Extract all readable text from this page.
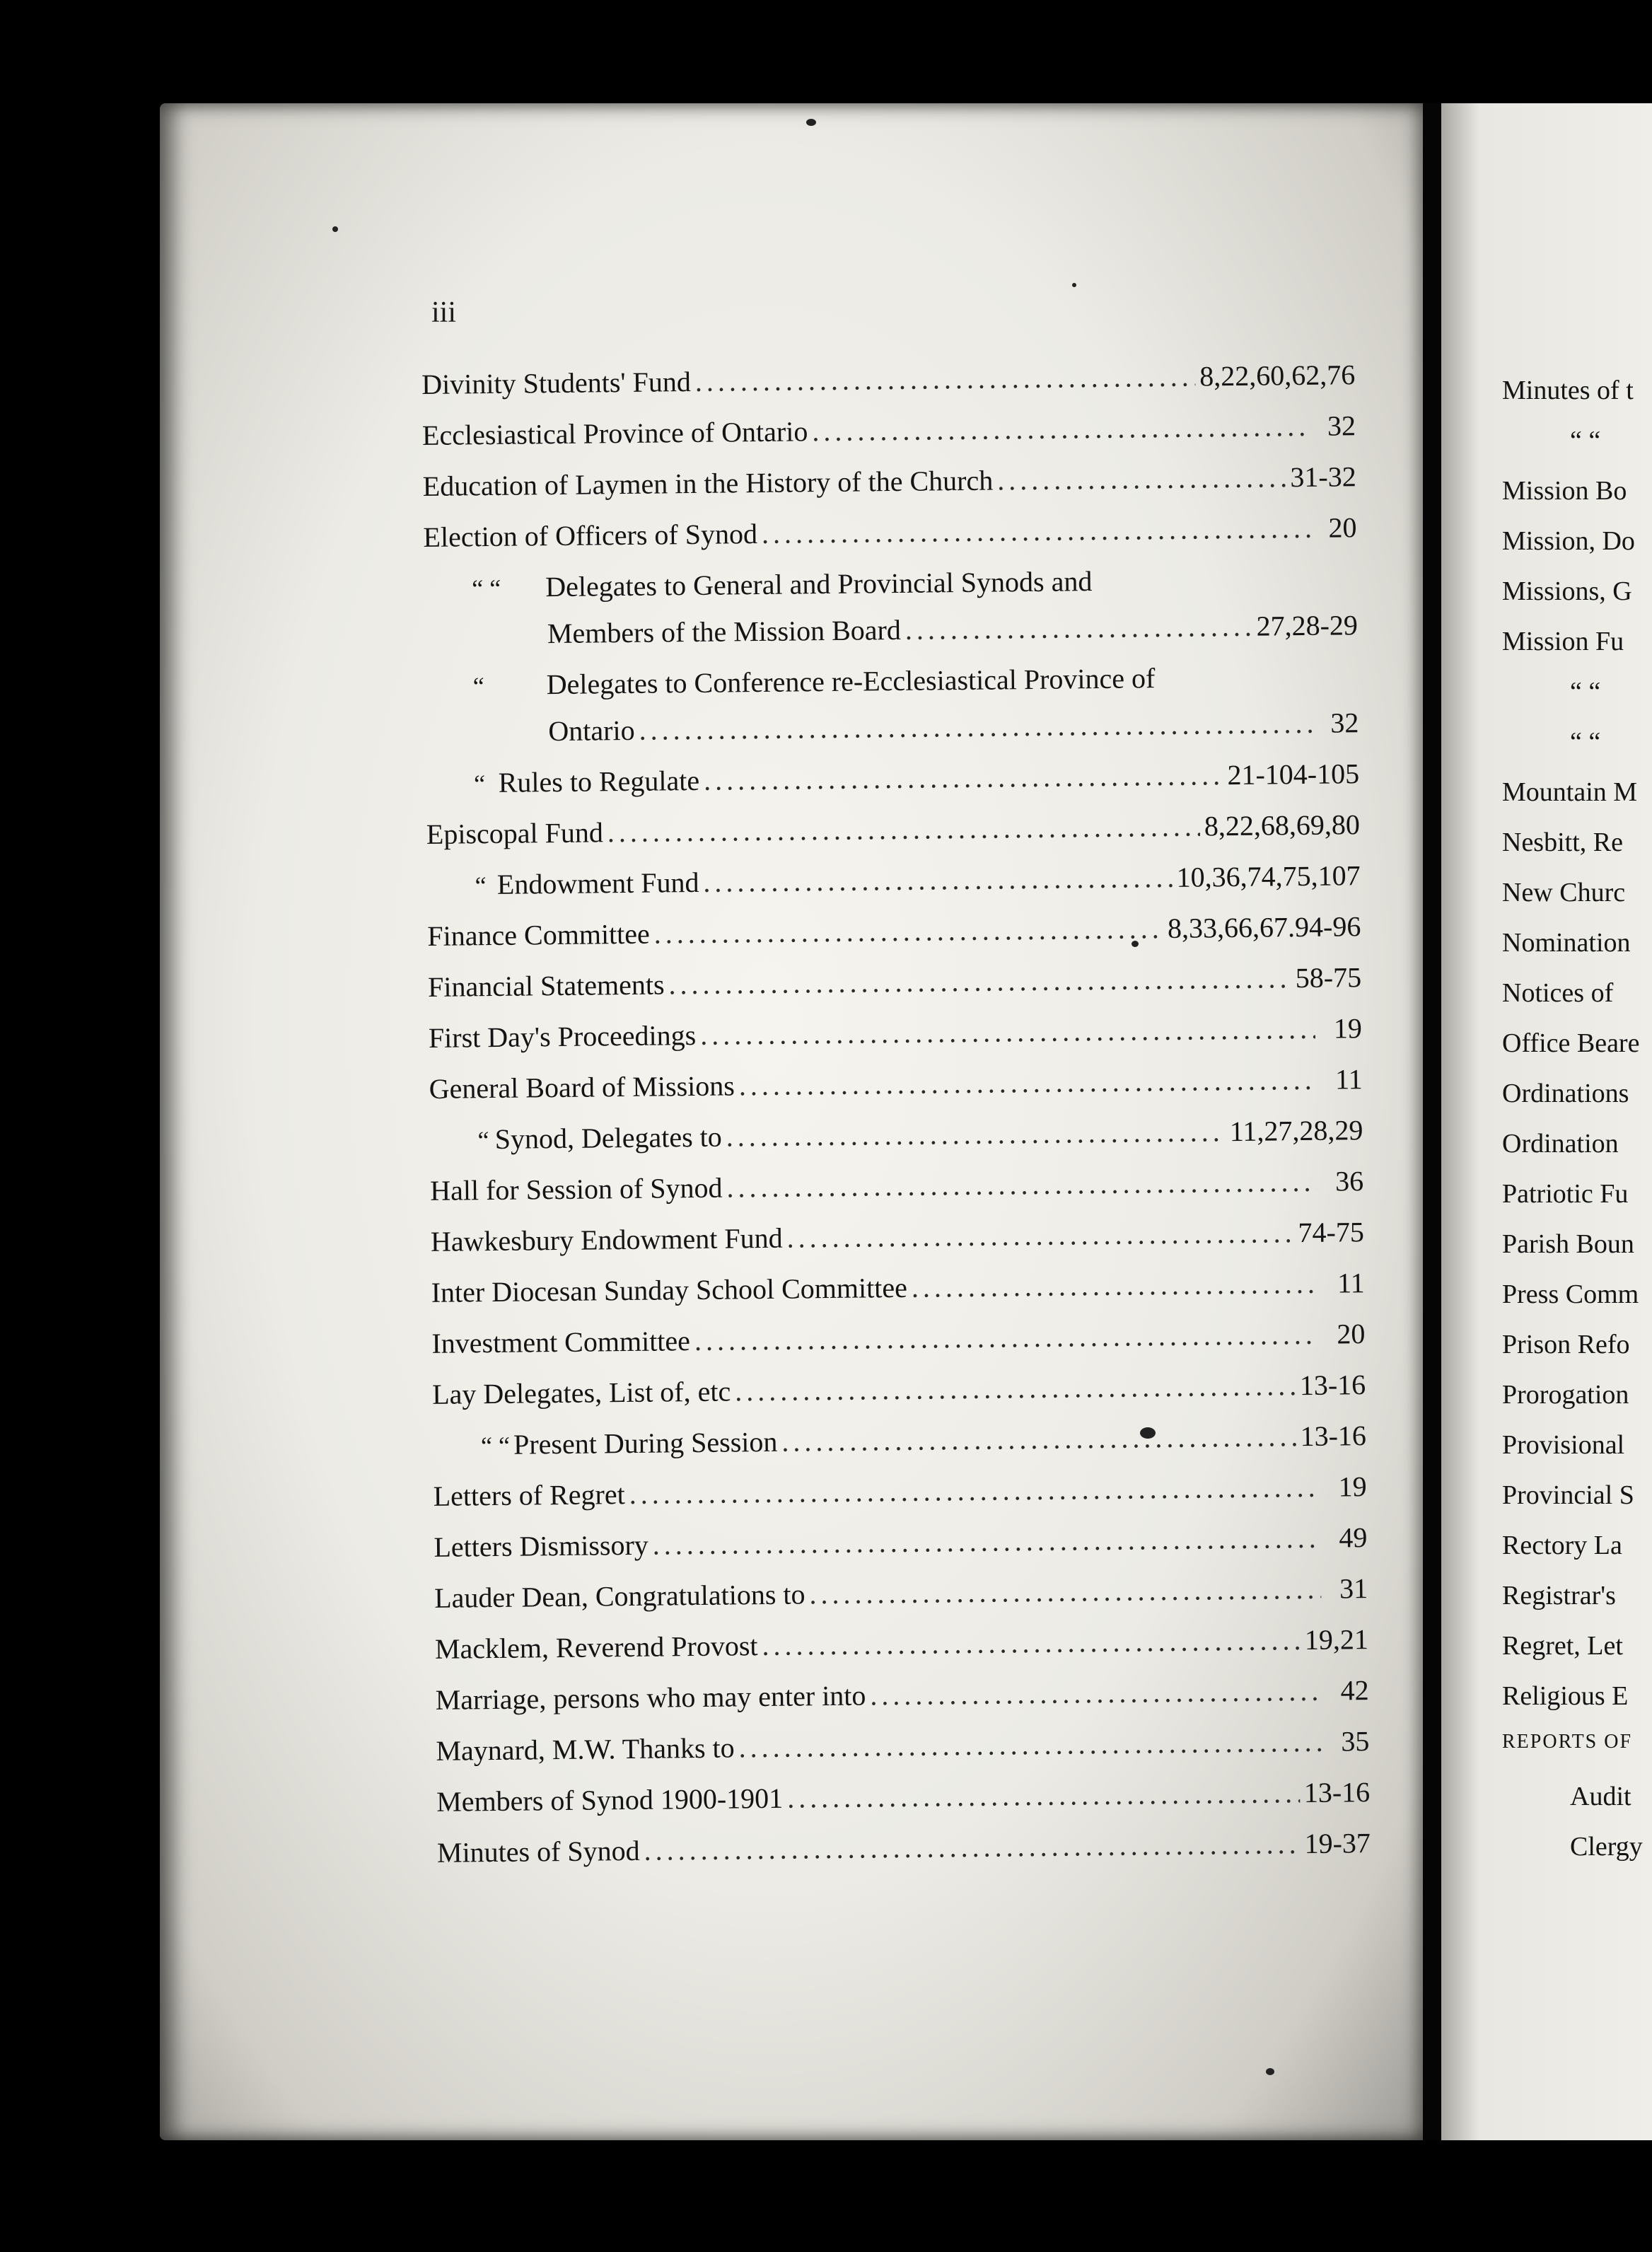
iii

Divinity Students' Fund .....	8,22,60,62,76
Ecclesiastical Province of Ontario .....	32
Education of Laymen in the History of the Church .....	31-32
Election of Officers of Synod .....	20
“ “	Delegates to General and Provincial Synods and
Members of the Mission Board .....	27,28-29
“	Delegates to Conference re-Ecclesiastical Province of
Ontario .....	32
“ Rules to Regulate .....	21-104-105
Episcopal Fund .....	8,22,68,69,80
“ Endowment Fund .....	10,36,74,75,107
Finance Committee .....	8,33,66,67.94-96
Financial Statements .....	58-75
First Day's Proceedings .....	19
General Board of Missions .....	11
“ Synod, Delegates to .....	11,27,28,29
Hall for Session of Synod .....	36
Hawkesbury Endowment Fund .....	74-75
Inter Diocesan Sunday School Committee .....	11
Investment Committee .....	20
Lay Delegates, List of, etc .....	13-16
“ “ Present During Session .....	13-16
Letters of Regret .....	19
Letters Dismissory .....	49
Lauder Dean, Congratulations to .....	31
Macklem, Reverend Provost .....	19,21
Marriage, persons who may enter into .....	42
Maynard, M.W. Thanks to .....	35
Members of Synod 1900-1901 .....	13-16
Minutes of Synod .....	19-37
Minutes of t
“ “
Mission Bo
Mission, Do
Missions, G
Mission Fu
“ “
“ “
Mountain M
Nesbitt, Re
New Churc
Nomination
Notices of
Office Beare
Ordinations
Ordination
Patriotic Fu
Parish Boun
Press Comm
Prison Refo
Prorogation
Provisional
Provincial S
Rectory La
Registrar's
Regret, Let
Religious E
REPORTS OF
Audit
Clergy
